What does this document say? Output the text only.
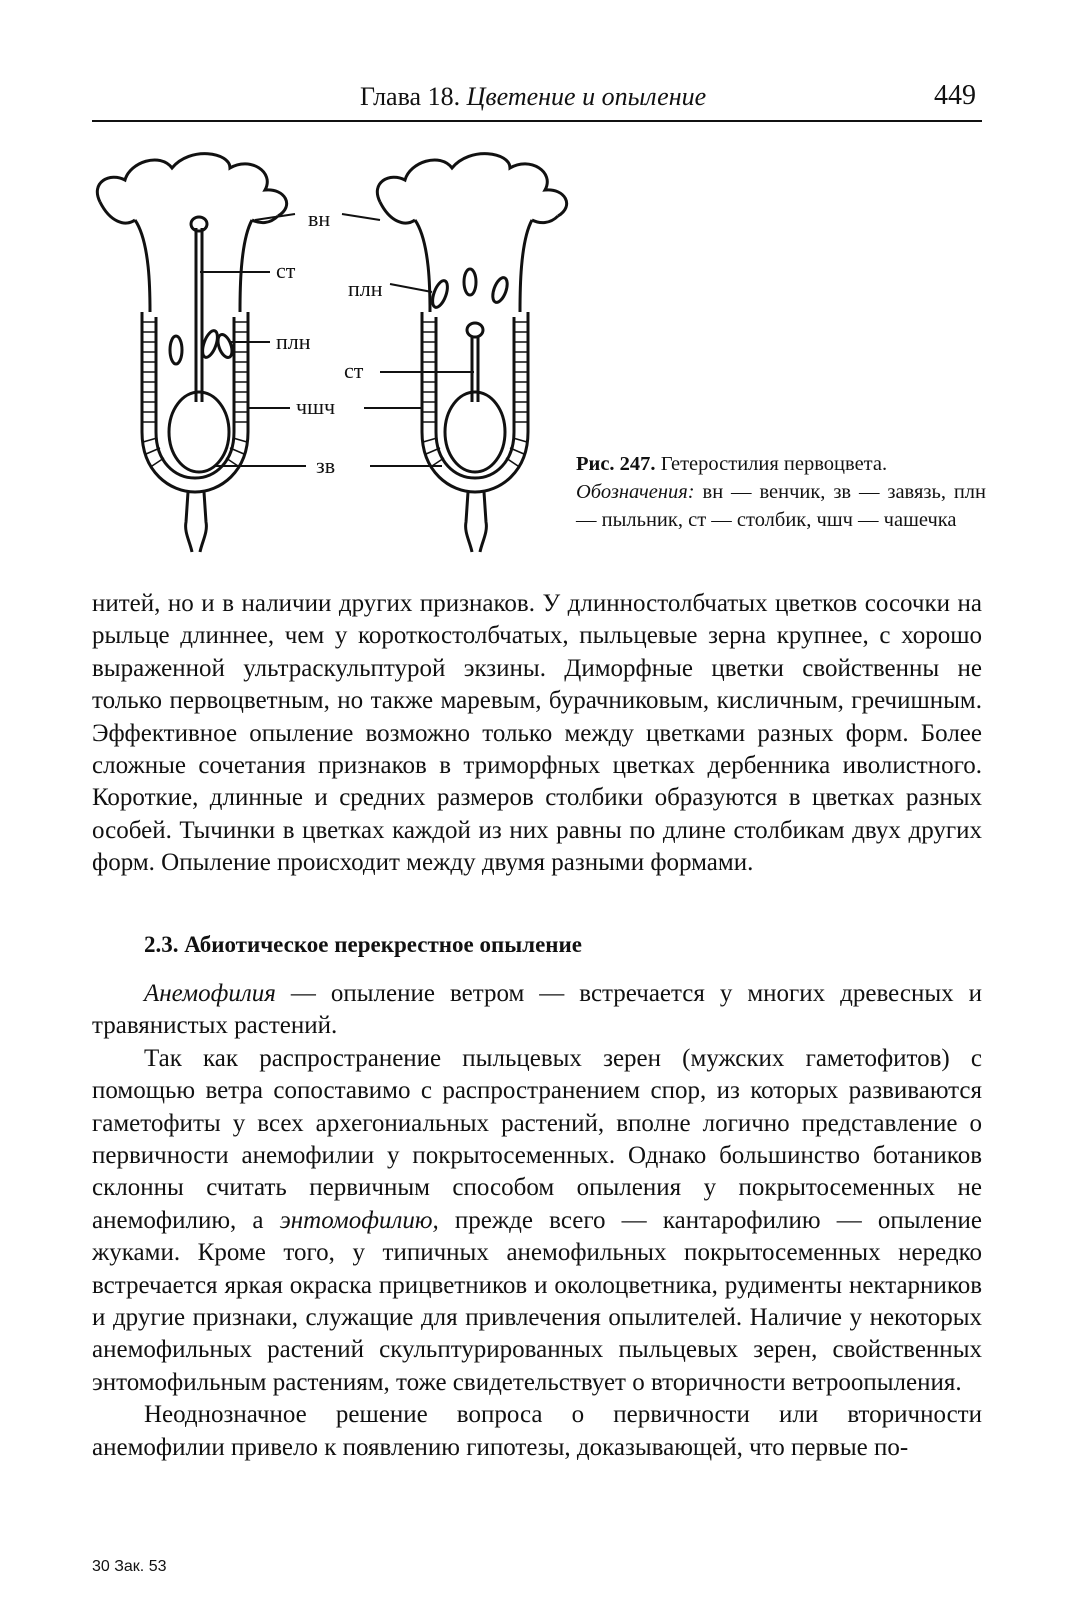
Глава 18. Цветение и опыление	449
вн
ст
плн
плн
ст
чшч
зв	Рис. 247. Гетеростилия первоцвета.
Обозначения: вн — венчик, зв — завязь, плн — пыльник, ст — столбик, чшч — чашечка

нитей, но и в наличии других признаков. У длинностолбчатых цветков сосочки на рыльце длиннее, чем у короткостолбчатых, пыльцевые зерна крупнее, с хорошо выраженной ультраскульптурой экзины. Диморфные цветки свойственны не только первоцветным, но также маревым, бурачниковым, кисличным, гречишным. Эффективное опыление возможно только между цветками разных форм. Более сложные сочетания признаков в триморфных цветках дербенника иволистного. Короткие, длинные и средних размеров столбики образуются в цветках разных особей. Тычинки в цветках каждой из них равны по длине столбикам двух других форм. Опыление происходит между двумя разными формами.

2.3. Абиотическое перекрестное опыление

Анемофилия — опыление ветром — встречается у многих древесных и травянистых растений.

Так как распространение пыльцевых зерен (мужских гаметофитов) с помощью ветра сопоставимо с распространением спор, из которых развиваются гаметофиты у всех архегониальных растений, вполне логично представление о первичности анемофилии у покрытосеменных. Однако большинство ботаников склонны считать первичным способом опыления у покрытосеменных не анемофилию, а энтомофилию, прежде всего — кантарофилию — опыление жуками. Кроме того, у типичных анемофильных покрытосеменных нередко встречается яркая окраска прицветников и околоцветника, рудименты нектарников и другие признаки, служащие для привлечения опылителей. Наличие у некоторых анемофильных растений скульптурированных пыльцевых зерен, свойственных энтомофильным растениям, тоже свидетельствует о вторичности ветроопыления.

Неоднозначное решение вопроса о первичности или вторичности анемофилии привело к появлению гипотезы, доказывающей, что первые по-

30 Зак. 53
